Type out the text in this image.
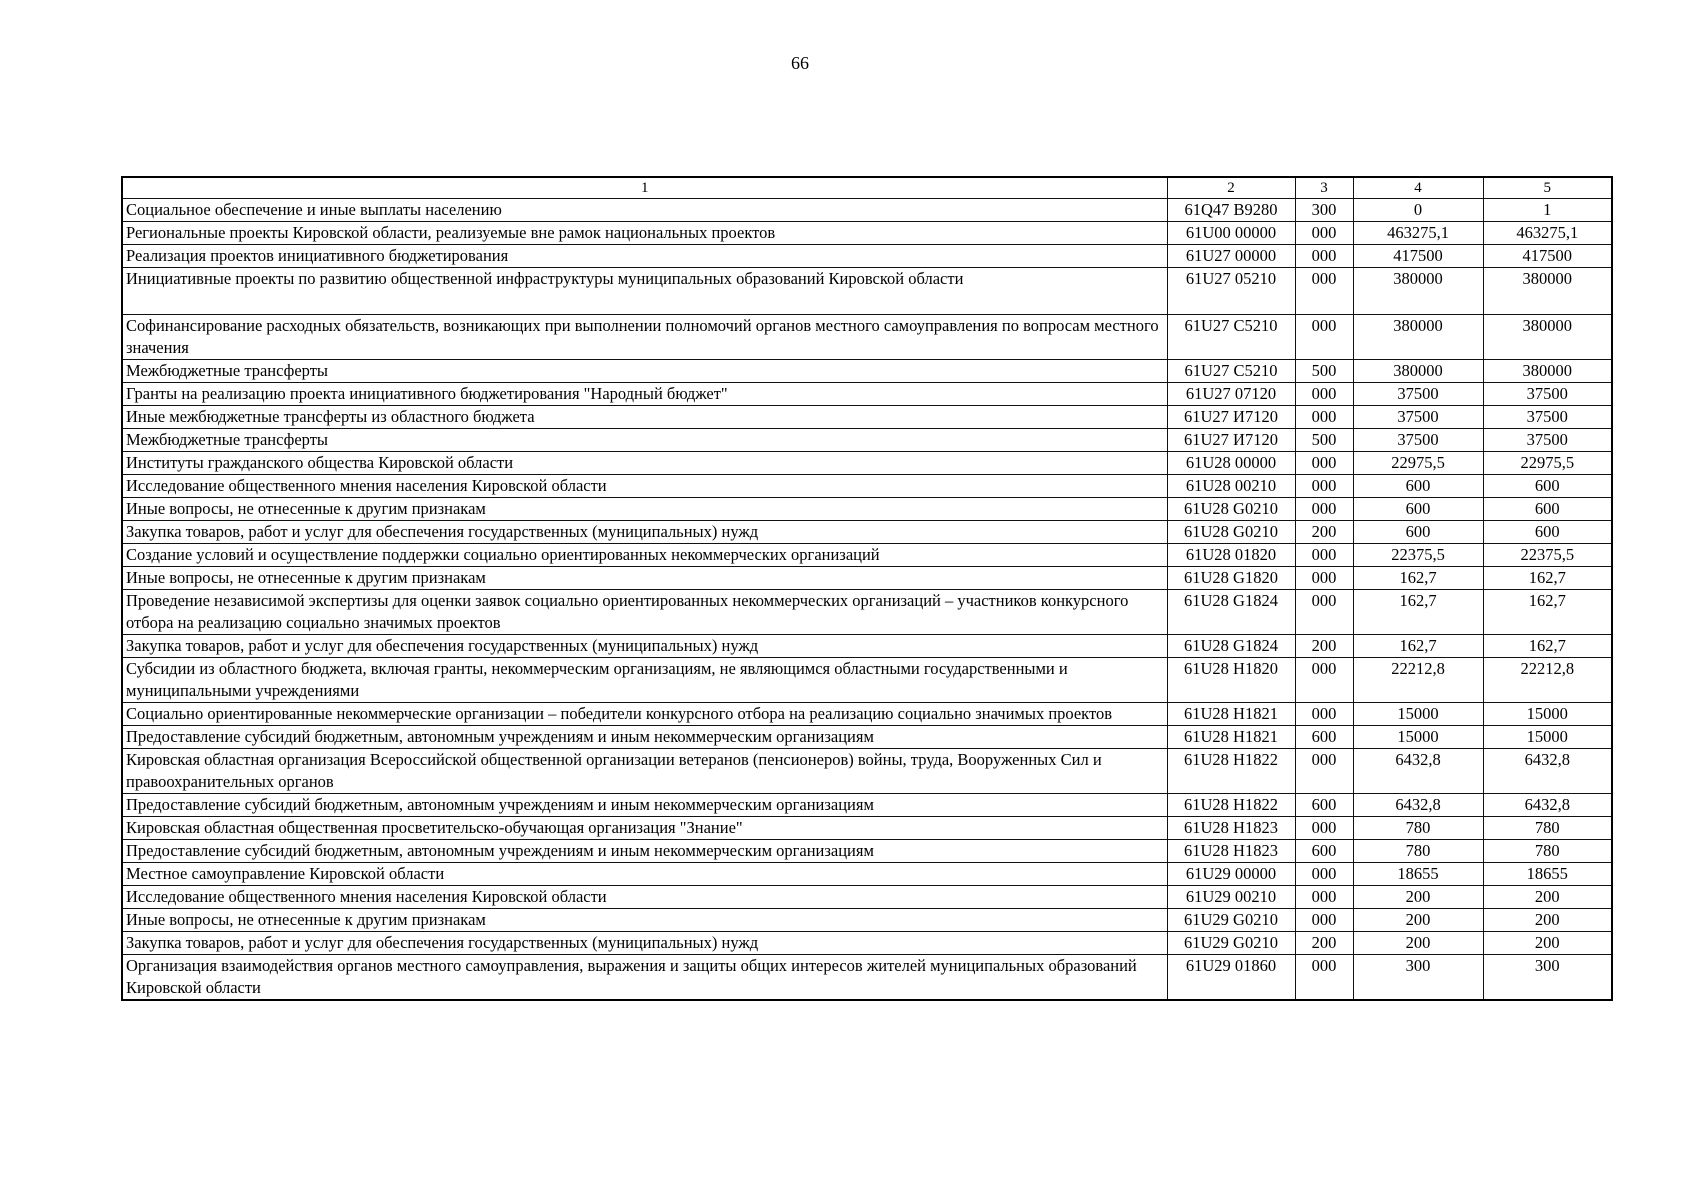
66
1	2	3	4	5
Социальное обеспечение и иные выплаты населению	61Q47 B9280	300	0	1
Региональные проекты Кировской области, реализуемые вне рамок национальных проектов	61U00 00000	000	463275,1	463275,1
Реализация проектов инициативного бюджетирования	61U27 00000	000	417500	417500
Инициативные проекты по развитию общественной инфраструктуры муниципальных образований Кировской области	61U27 05210	000	380000	380000
Софинансирование расходных обязательств, возникающих при выполнении полномочий органов местного самоуправления по вопросам местного значения	61U27 C5210	000	380000	380000
Межбюджетные трансферты	61U27 C5210	500	380000	380000
Гранты на реализацию проекта инициативного бюджетирования "Народный бюджет"	61U27 07120	000	37500	37500
Иные межбюджетные трансферты из областного бюджета	61U27 И7120	000	37500	37500
Межбюджетные трансферты	61U27 И7120	500	37500	37500
Институты гражданского общества Кировской области	61U28 00000	000	22975,5	22975,5
Исследование общественного мнения населения Кировской области	61U28 00210	000	600	600
Иные вопросы, не отнесенные к другим признакам	61U28 G0210	000	600	600
Закупка товаров, работ и услуг для обеспечения государственных (муниципальных) нужд	61U28 G0210	200	600	600
Создание условий и осуществление поддержки социально ориентированных некоммерческих организаций	61U28 01820	000	22375,5	22375,5
Иные вопросы, не отнесенные к другим признакам	61U28 G1820	000	162,7	162,7
Проведение независимой экспертизы для оценки заявок социально ориентированных некоммерческих организаций – участников конкурсного отбора на реализацию социально значимых проектов	61U28 G1824	000	162,7	162,7
Закупка товаров, работ и услуг для обеспечения государственных (муниципальных) нужд	61U28 G1824	200	162,7	162,7
Субсидии из областного бюджета, включая гранты, некоммерческим организациям, не являющимся областными государственными и муниципальными учреждениями	61U28 H1820	000	22212,8	22212,8
Социально ориентированные некоммерческие организации – победители конкурсного отбора на реализацию социально значимых проектов	61U28 H1821	000	15000	15000
Предоставление субсидий бюджетным, автономным учреждениям и иным некоммерческим организациям	61U28 H1821	600	15000	15000
Кировская областная организация Всероссийской общественной организации ветеранов (пенсионеров) войны, труда, Вооруженных Сил и правоохранительных органов	61U28 H1822	000	6432,8	6432,8
Предоставление субсидий бюджетным, автономным учреждениям и иным некоммерческим организациям	61U28 H1822	600	6432,8	6432,8
Кировская областная общественная просветительско-обучающая организация "Знание"	61U28 H1823	000	780	780
Предоставление субсидий бюджетным, автономным учреждениям и иным некоммерческим организациям	61U28 H1823	600	780	780
Местное самоуправление Кировской области	61U29 00000	000	18655	18655
Исследование общественного мнения населения Кировской области	61U29 00210	000	200	200
Иные вопросы, не отнесенные к другим признакам	61U29 G0210	000	200	200
Закупка товаров, работ и услуг для обеспечения государственных (муниципальных) нужд	61U29 G0210	200	200	200
Организация взаимодействия органов местного самоуправления, выражения и защиты общих интересов жителей муниципальных образований Кировской области	61U29 01860	000	300	300
